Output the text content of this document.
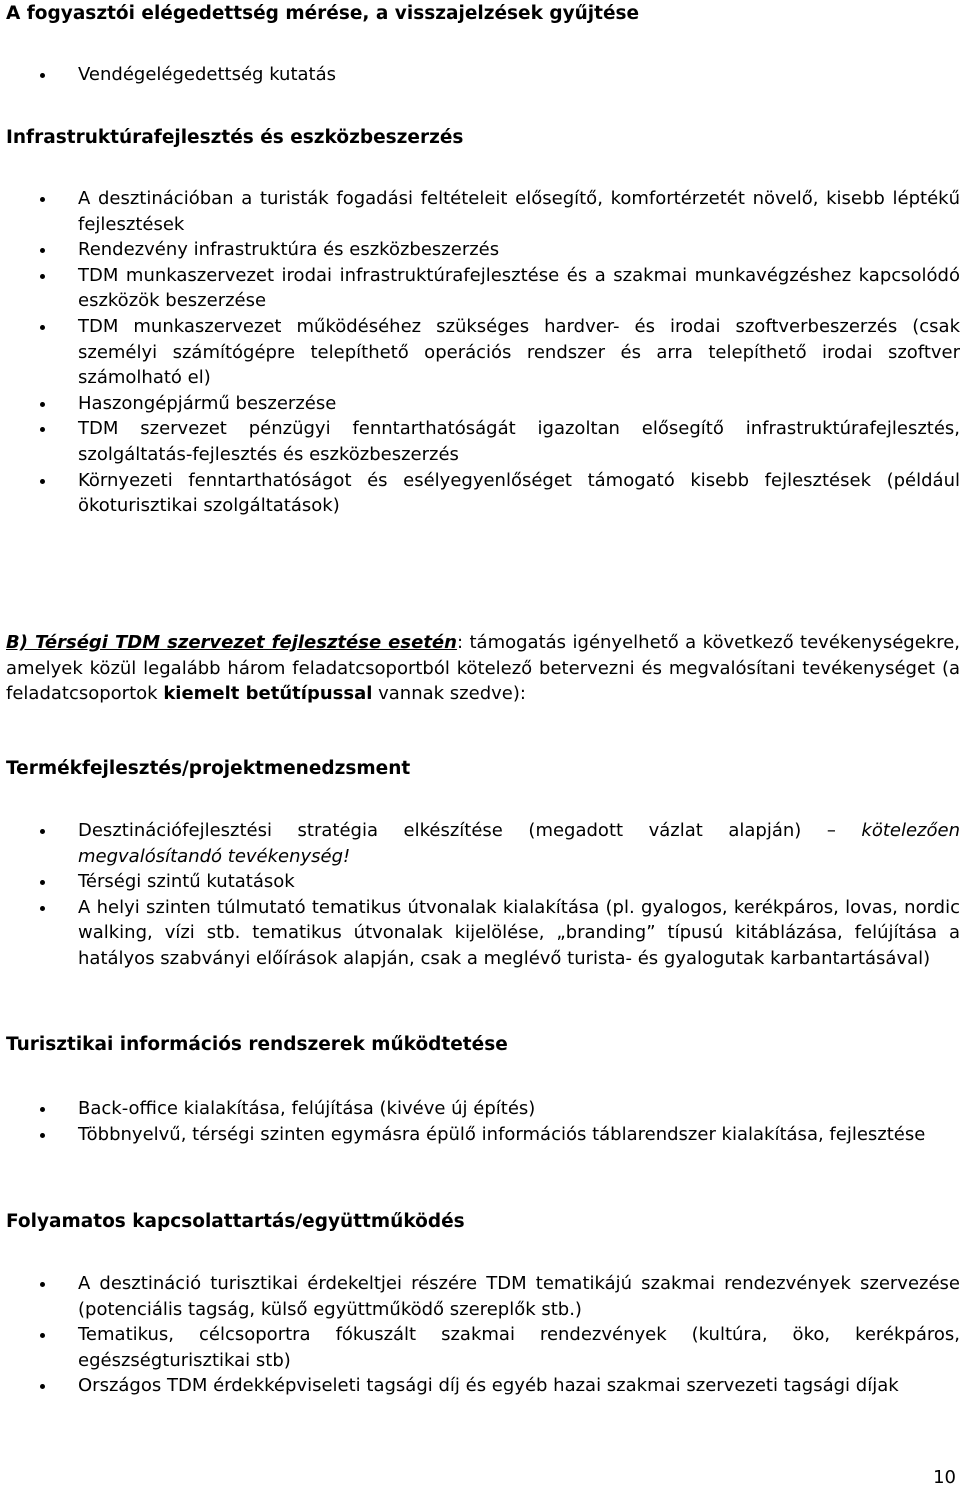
A fogyasztói elégedettség mérése, a visszajelzések gyűjtése

Vendégelégedettség kutatás

Infrastruktúrafejlesztés és eszközbeszerzés

A desztinációban a turisták fogadási feltételeit elősegítő, komfortérzetét növelő, kisebb léptékű fejlesztések
Rendezvény infrastruktúra és eszközbeszerzés
TDM munkaszervezet irodai infrastruktúrafejlesztése és a szakmai munkavégzéshez kapcsolódó eszközök beszerzése
TDM munkaszervezet működéséhez szükséges hardver- és irodai szoftverbeszerzés (csak személyi számítógépre telepíthető operációs rendszer és arra telepíthető irodai szoftver számolható el)
Haszongépjármű beszerzése
TDM szervezet pénzügyi fenntarthatóságát igazoltan elősegítő infrastruktúrafejlesztés, szolgáltatás-fejlesztés és eszközbeszerzés
Környezeti fenntarthatóságot és esélyegyenlőséget támogató kisebb fejlesztések (például ökoturisztikai szolgáltatások)

B) Térségi TDM szervezet fejlesztése esetén: támogatás igényelhető a következő tevékenységekre, amelyek közül legalább három feladatcsoportból kötelező betervezni és megvalósítani tevékenységet (a feladatcsoportok kiemelt betűtípussal vannak szedve):

Termékfejlesztés/projektmenedzsment

Desztinációfejlesztési stratégia elkészítése (megadott vázlat alapján) – kötelezően megvalósítandó tevékenység!
Térségi szintű kutatások
A helyi szinten túlmutató tematikus útvonalak kialakítása (pl. gyalogos, kerékpáros, lovas, nordic walking, vízi stb. tematikus útvonalak kijelölése, „branding” típusú kitáblázása, felújítása a hatályos szabványi előírások alapján, csak a meglévő turista- és gyalogutak karbantartásával)

Turisztikai információs rendszerek működtetése

Back-office kialakítása, felújítása (kivéve új építés)
Többnyelvű, térségi szinten egymásra épülő információs táblarendszer kialakítása, fejlesztése

Folyamatos kapcsolattartás/együttműködés

A desztináció turisztikai érdekeltjei részére TDM tematikájú szakmai rendezvények szervezése (potenciális tagság, külső együttműködő szereplők stb.)
Tematikus, célcsoportra fókuszált szakmai rendezvények (kultúra, öko, kerékpáros, egészségturisztikai stb)
Országos TDM érdekképviseleti tagsági díj és egyéb hazai szakmai szervezeti tagsági díjak
10
